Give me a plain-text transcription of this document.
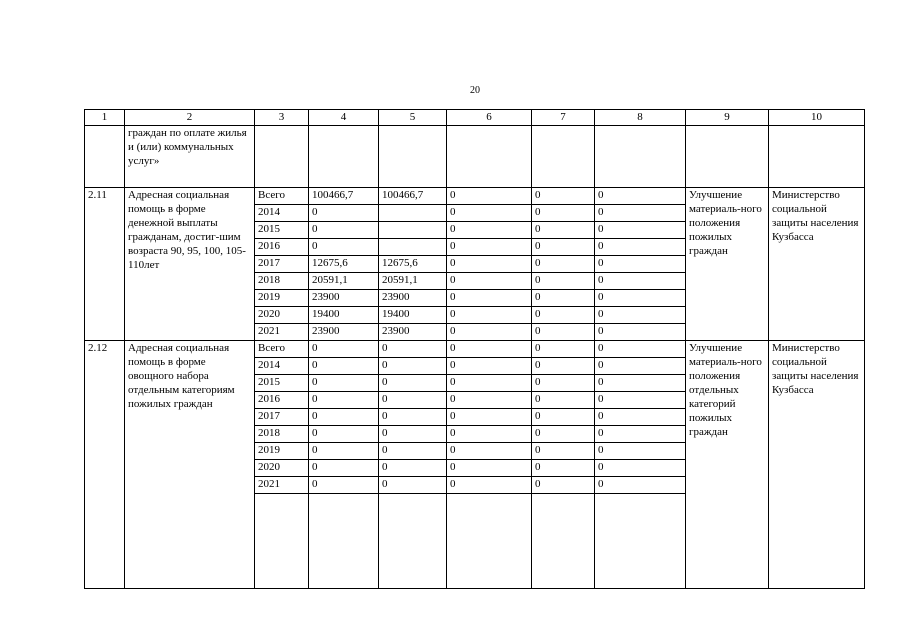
20
1	2	3	4	5	6	7	8	9	10
	граждан по оплате жилья и (или) коммунальных услуг»								
2.11	Адресная социальная помощь в форме денежной выплаты гражданам, достиг-шим возраста 90, 95, 100, 105-110лет	Всего	100466,7	100466,7	0	0	0	Улучшение материаль-ного положения пожилых граждан	Министерство социальной защиты населения Кузбасса
		2014	0		0	0	0		
		2015	0		0	0	0		
		2016	0		0	0	0		
		2017	12675,6	12675,6	0	0	0		
		2018	20591,1	20591,1	0	0	0		
		2019	23900	23900	0	0	0		
		2020	19400	19400	0	0	0		
		2021	23900	23900	0	0	0		
2.12	Адресная социальная помощь в форме овощного набора отдельным категориям пожилых граждан	Всего	0	0	0	0	0	Улучшение материаль-ного положения отдельных категорий пожилых граждан	Министерство социальной защиты населения Кузбасса
		2014	0	0	0	0	0		
		2015	0	0	0	0	0		
		2016	0	0	0	0	0		
		2017	0	0	0	0	0		
		2018	0	0	0	0	0		
		2019	0	0	0	0	0		
		2020	0	0	0	0	0		
		2021	0	0	0	0	0		
